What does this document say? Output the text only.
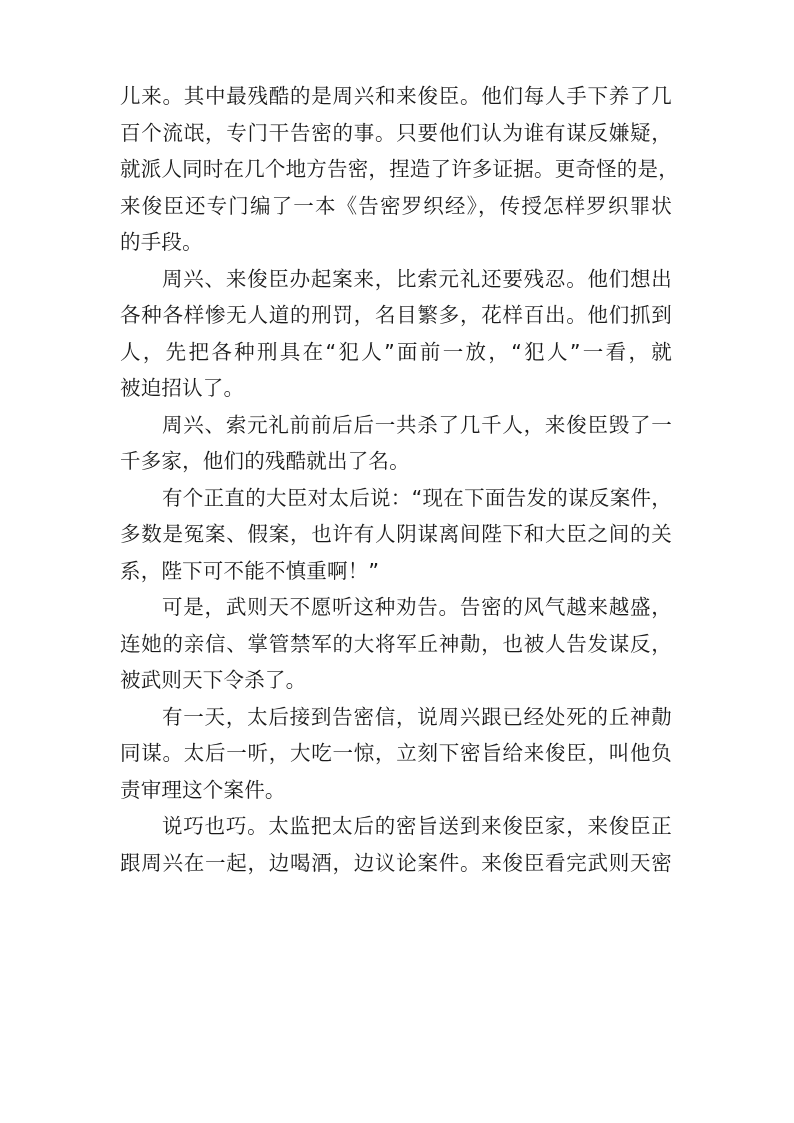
儿来。其中最残酷的是周兴和来俊臣。他们每人手下养了几
百个流氓，专门干告密的事。只要他们认为谁有谋反嫌疑，
就派人同时在几个地方告密，捏造了许多证据。更奇怪的是，
来俊臣还专门编了一本《告密罗织经》，传授怎样罗织罪状
的手段。
周兴、来俊臣办起案来，比索元礼还要残忍。他们想出
各种各样惨无人道的刑罚，名目繁多，花样百出。他们抓到
人，先把各种刑具在“犯人”面前一放，“犯人”一看，就
被迫招认了。
周兴、索元礼前前后后一共杀了几千人，来俊臣毁了一
千多家，他们的残酷就出了名。
有个正直的大臣对太后说：“现在下面告发的谋反案件，
多数是冤案、假案，也许有人阴谋离间陛下和大臣之间的关
系，陛下可不能不慎重啊！”
可是，武则天不愿听这种劝告。告密的风气越来越盛，
连她的亲信、掌管禁军的大将军丘神勣，也被人告发谋反，
被武则天下令杀了。
有一天，太后接到告密信，说周兴跟已经处死的丘神勣
同谋。太后一听，大吃一惊，立刻下密旨给来俊臣，叫他负
责审理这个案件。
说巧也巧。太监把太后的密旨送到来俊臣家，来俊臣正
跟周兴在一起，边喝酒，边议论案件。来俊臣看完武则天密
